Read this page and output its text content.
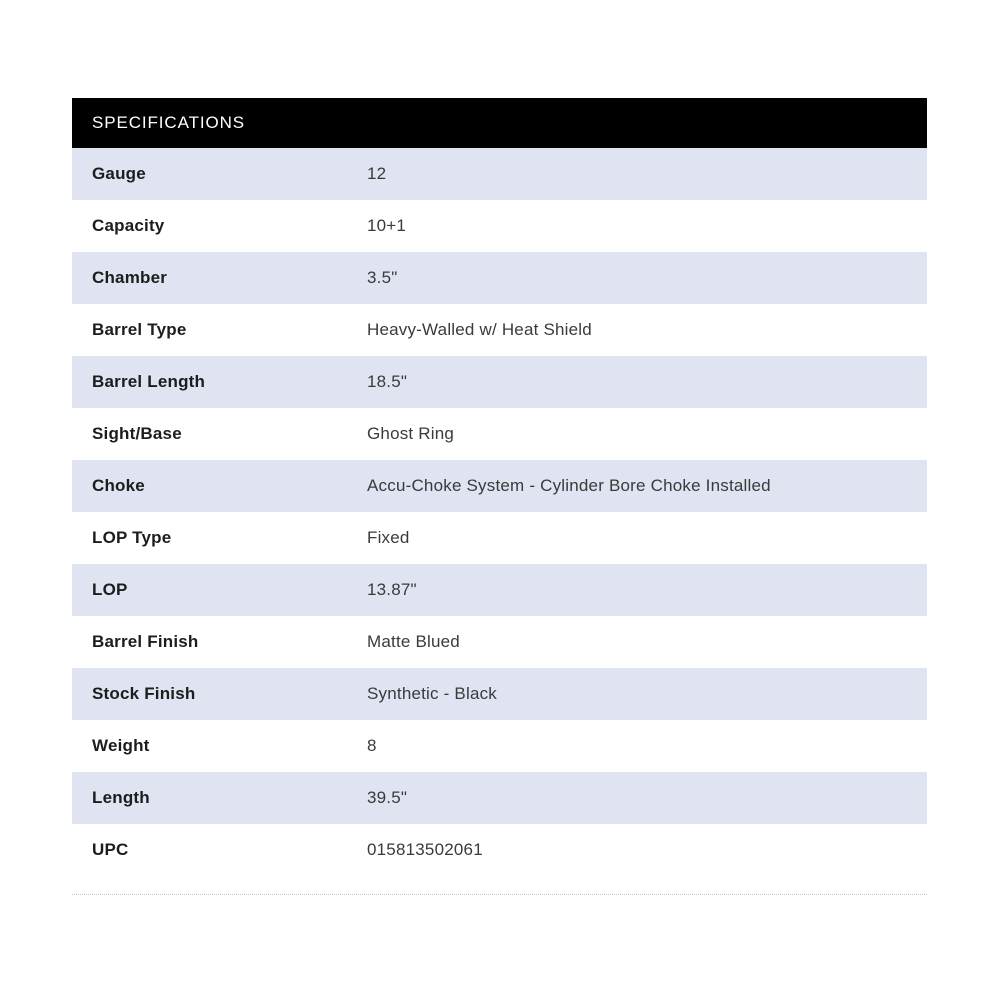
SPECIFICATIONS
Gauge	12
Capacity	10+1
Chamber	3.5"
Barrel Type	Heavy-Walled w/ Heat Shield
Barrel Length	18.5"
Sight/Base	Ghost Ring
Choke	Accu-Choke System - Cylinder Bore Choke Installed
LOP Type	Fixed
LOP	13.87"
Barrel Finish	Matte Blued
Stock Finish	Synthetic - Black
Weight	8
Length	39.5"
UPC	015813502061
